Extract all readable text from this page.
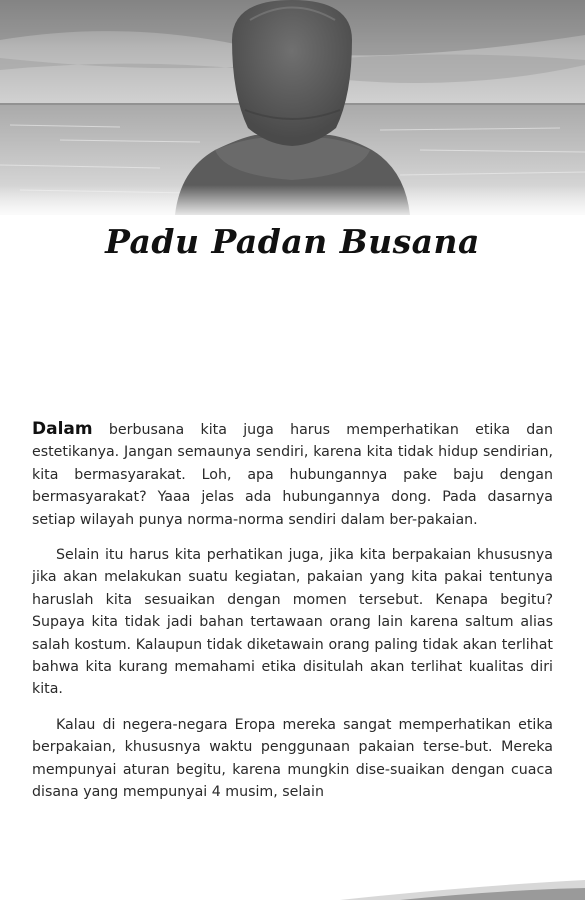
Padu Padan Busana

Dalam berbusana kita juga harus memperhatikan etika dan estetikanya. Jangan semaunya sendiri, karena kita tidak hidup sendirian, kita bermasyarakat. Loh, apa hubungannya pake baju dengan bermasyarakat? Yaaa jelas ada hubungannya dong. Pada dasarnya setiap wilayah punya norma-norma sendiri dalam ber-pakaian.

Selain itu harus kita perhatikan juga, jika kita berpakaian khususnya jika akan melakukan suatu kegiatan, pakaian yang kita pakai tentunya haruslah kita sesuaikan dengan momen tersebut. Kenapa begitu? Supaya kita tidak jadi bahan tertawaan orang lain karena saltum alias salah kostum. Kalaupun tidak diketawain orang paling tidak akan terlihat bahwa kita kurang memahami etika disitulah akan terlihat kualitas diri kita.

Kalau di negera-negara Eropa mereka sangat memperhatikan etika berpakaian, khususnya waktu penggunaan pakaian terse-but. Mereka mempunyai aturan begitu, karena mungkin dise-suaikan dengan cuaca disana yang mempunyai 4 musim, selain
